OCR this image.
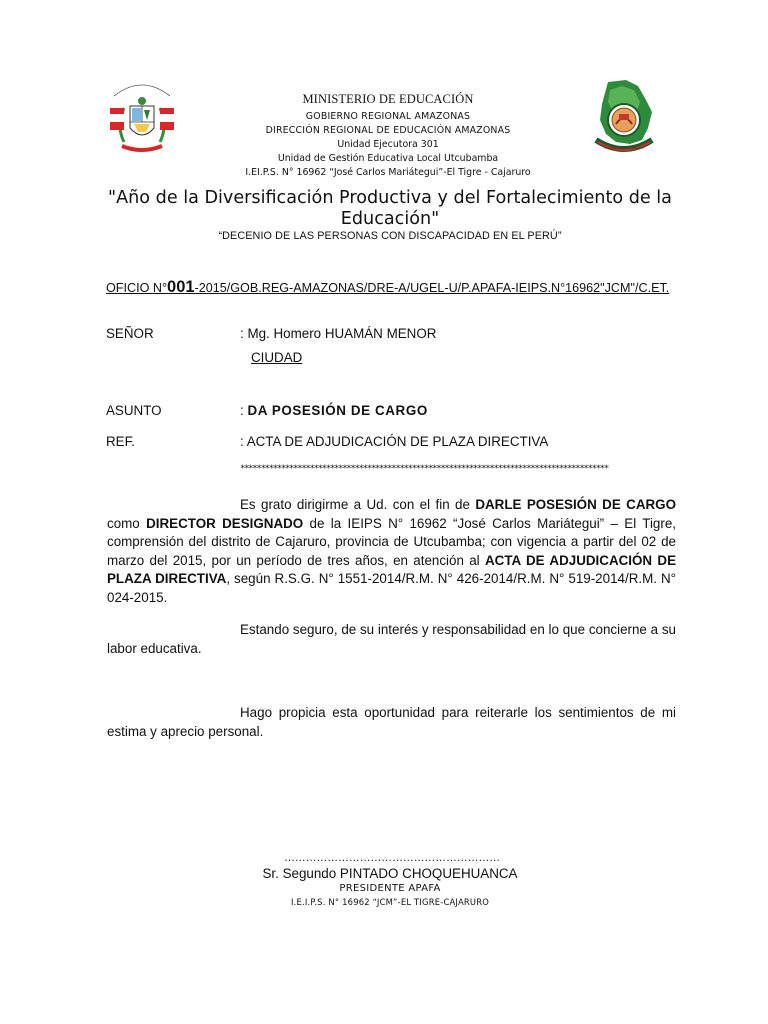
MINISTERIO DE EDUCACIÓN
GOBIERNO REGIONAL AMAZONAS
DIRECCIÓN REGIONAL DE EDUCACIÓN AMAZONAS
Unidad Ejecutora 301
Unidad de Gestión Educativa Local Utcubamba
I.EI.P.S. N° 16962 “José Carlos Mariátegui”-El Tigre - Cajaruro
"Año de la Diversificación Productiva y del Fortalecimiento de la Educación"
“DECENIO DE LAS PERSONAS CON DISCAPACIDAD EN EL PERÚ”
OFICIO N°001-2015/GOB.REG-AMAZONAS/DRE-A/UGEL-U/P.APAFA-IEIPS.N°16962"JCM"/C.ET.
SEÑOR	: Mg. Homero HUAMÁN MENOR
CIUDAD
ASUNTO	: DA POSESIÓN DE CARGO
REF.	: ACTA DE ADJUDICACIÓN DE PLAZA DIRECTIVA
******************************************************************************************
Es grato dirigirme a Ud. con el fin de DARLE POSESIÓN DE CARGO como DIRECTOR DESIGNADO de la IEIPS N° 16962 “José Carlos Mariátegui” – El Tigre, comprensión del distrito de Cajaruro, provincia de Utcubamba; con vigencia a partir del 02 de marzo del 2015, por un período de tres años, en atención al ACTA DE ADJUDICACIÓN DE PLAZA DIRECTIVA, según R.S.G. N° 1551-2014/R.M. N° 426-2014/R.M. N° 519-2014/R.M. N° 024-2015.
Estando seguro, de su interés y responsabilidad en lo que concierne a su labor educativa.
Hago propicia esta oportunidad para reiterarle los sentimientos de mi estima y aprecio personal.
……………………………………………………
Sr. Segundo PINTADO CHOQUEHUANCA
PRESIDENTE APAFA
I.E.I.P.S. N° 16962 “JCM”-EL TIGRE-CAJARURO
